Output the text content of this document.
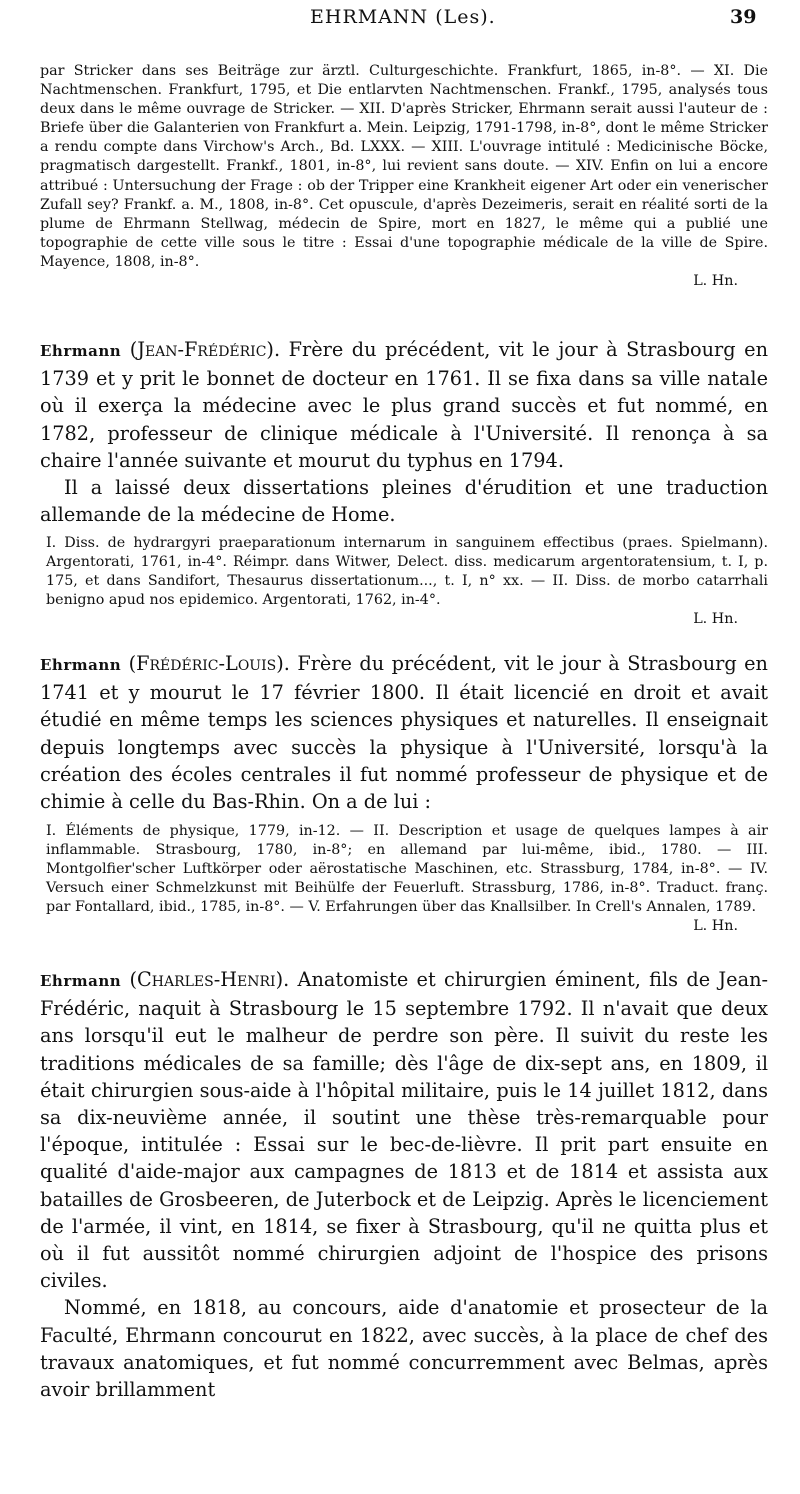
EHRMANN (Les).	39

par Stricker dans ses Beiträge zur ärztl. Culturgeschichte. Frankfurt, 1865, in-8°. — XI. Die Nachtmenschen. Frankfurt, 1795, et Die entlarvten Nachtmenschen. Frankf., 1795, analysés tous deux dans le même ouvrage de Stricker. — XII. D'après Stricker, Ehrmann serait aussi l'auteur de : Briefe über die Galanterien von Frankfurt a. Mein. Leipzig, 1791-1798, in-8°, dont le même Stricker a rendu compte dans Virchow's Arch., Bd. LXXX. — XIII. L'ouvrage intitulé : Medicinische Böcke, pragmatisch dargestellt. Frankf., 1801, in-8°, lui revient sans doute. — XIV. Enfin on lui a encore attribué : Untersuchung der Frage : ob der Tripper eine Krankheit eigener Art oder ein venerischer Zufall sey? Frankf. a. M., 1808, in-8°. Cet opuscule, d'après Dezeimeris, serait en réalité sorti de la plume de Ehrmann Stellwag, médecin de Spire, mort en 1827, le même qui a publié une topographie de cette ville sous le titre : Essai d'une topographie médicale de la ville de Spire. Mayence, 1808, in-8°.

L. Hn.

Ehrmann (Jean-Frédéric). Frère du précédent, vit le jour à Strasbourg en 1739 et y prit le bonnet de docteur en 1761. Il se fixa dans sa ville natale où il exerça la médecine avec le plus grand succès et fut nommé, en 1782, professeur de clinique médicale à l'Université. Il renonça à sa chaire l'année suivante et mourut du typhus en 1794.

Il a laissé deux dissertations pleines d'érudition et une traduction allemande de la médecine de Home.

I. Diss. de hydrargyri praeparationum internarum in sanguinem effectibus (praes. Spielmann). Argentorati, 1761, in-4°. Réimpr. dans Witwer, Delect. diss. medicarum argentoratensium, t. I, p. 175, et dans Sandifort, Thesaurus dissertationum..., t. I, n° xx. — II. Diss. de morbo catarrhali benigno apud nos epidemico. Argentorati, 1762, in-4°.

L. Hn.

Ehrmann (Frédéric-Louis). Frère du précédent, vit le jour à Strasbourg en 1741 et y mourut le 17 février 1800. Il était licencié en droit et avait étudié en même temps les sciences physiques et naturelles. Il enseignait depuis longtemps avec succès la physique à l'Université, lorsqu'à la création des écoles centrales il fut nommé professeur de physique et de chimie à celle du Bas-Rhin. On a de lui :

I. Éléments de physique, 1779, in-12. — II. Description et usage de quelques lampes à air inflammable. Strasbourg, 1780, in-8°; en allemand par lui-même, ibid., 1780. — III. Montgolfier'scher Luftkörper oder aërostatische Maschinen, etc. Strassburg, 1784, in-8°. — IV. Versuch einer Schmelzkunst mit Beihülfe der Feuerluft. Strassburg, 1786, in-8°. Traduct. franç. par Fontallard, ibid., 1785, in-8°. — V. Erfahrungen über das Knallsilber. In Crell's Annalen, 1789.

L. Hn.

Ehrmann (Charles-Henri). Anatomiste et chirurgien éminent, fils de Jean-Frédéric, naquit à Strasbourg le 15 septembre 1792. Il n'avait que deux ans lorsqu'il eut le malheur de perdre son père. Il suivit du reste les traditions médicales de sa famille; dès l'âge de dix-sept ans, en 1809, il était chirurgien sous-aide à l'hôpital militaire, puis le 14 juillet 1812, dans sa dix-neuvième année, il soutint une thèse très-remarquable pour l'époque, intitulée : Essai sur le bec-de-lièvre. Il prit part ensuite en qualité d'aide-major aux campagnes de 1813 et de 1814 et assista aux batailles de Grosbeeren, de Juterbock et de Leipzig. Après le licenciement de l'armée, il vint, en 1814, se fixer à Strasbourg, qu'il ne quitta plus et où il fut aussitôt nommé chirurgien adjoint de l'hospice des prisons civiles.

Nommé, en 1818, au concours, aide d'anatomie et prosecteur de la Faculté, Ehrmann concourut en 1822, avec succès, à la place de chef des travaux anatomiques, et fut nommé concurremment avec Belmas, après avoir brillamment
